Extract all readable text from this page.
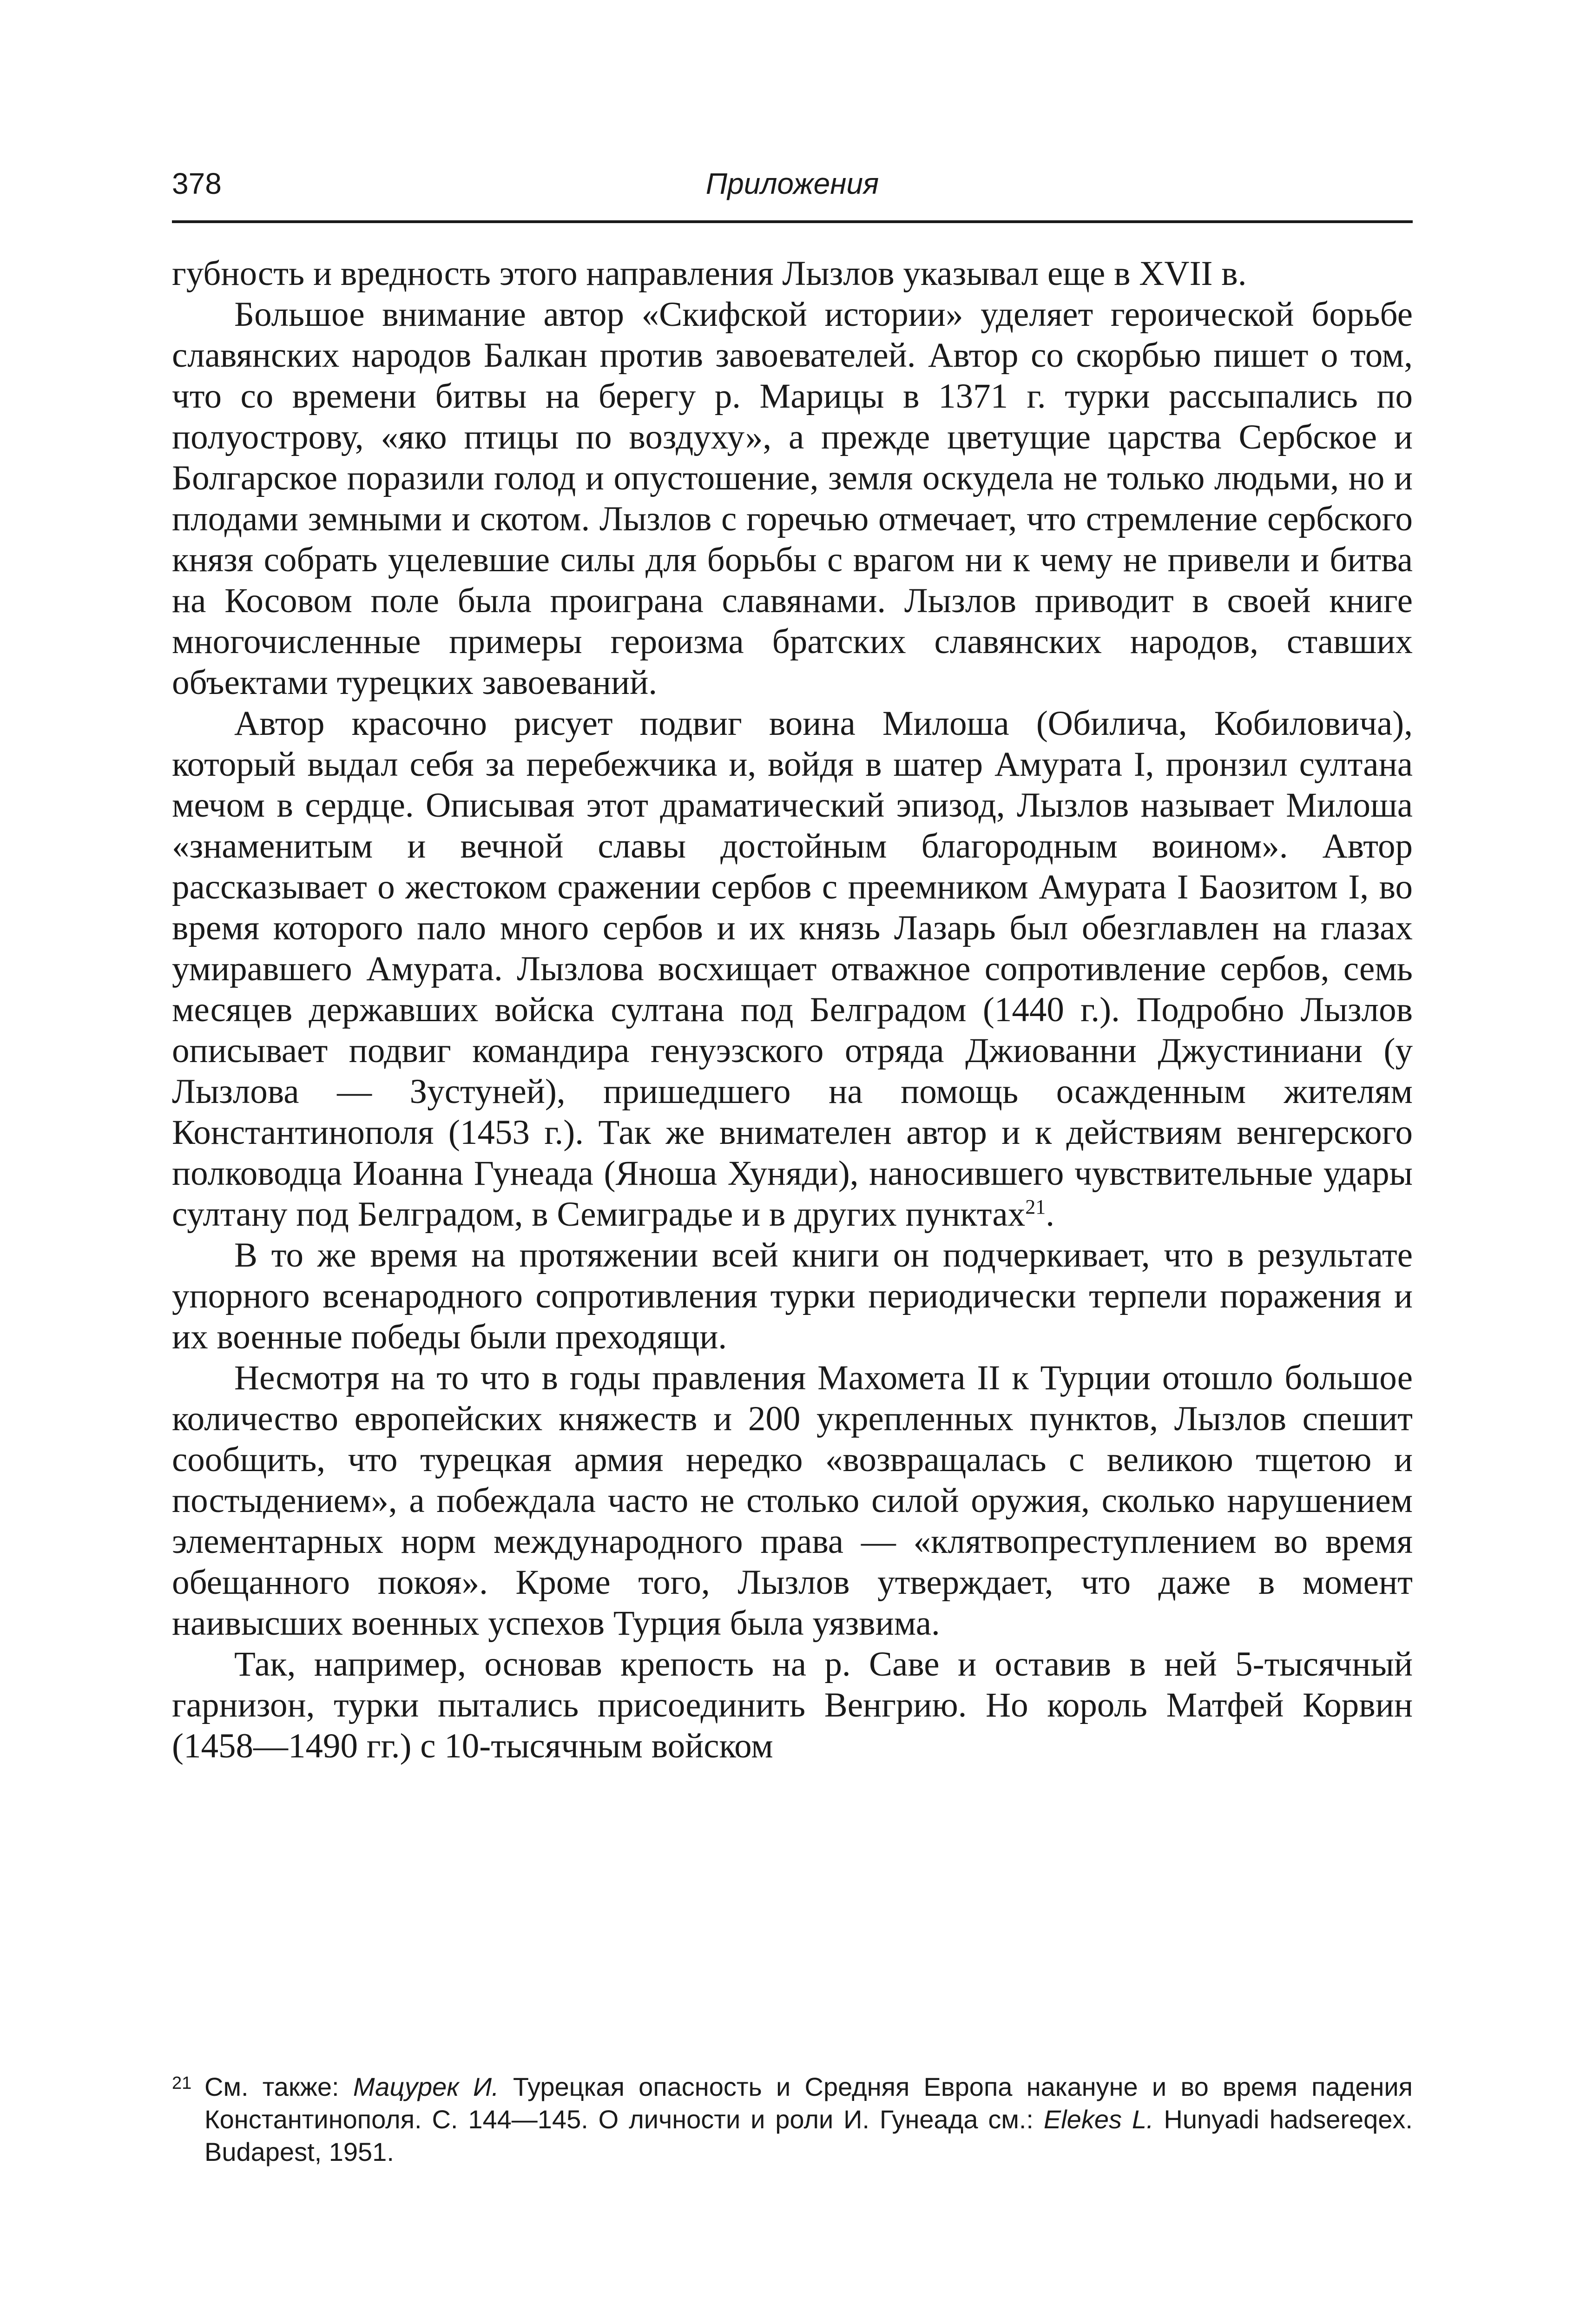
378	Приложения

губность и вредность этого направления Лызлов указывал еще в XVII в.

Большое внимание автор «Скифской истории» уделяет героической борьбе славянских народов Балкан против завоевателей. Автор со скорбью пишет о том, что со времени битвы на берегу р. Марицы в 1371 г. турки рассыпались по полуострову, «яко птицы по воздуху», а прежде цветущие царства Сербское и Болгарское поразили голод и опустошение, земля оскудела не только людьми, но и плодами земными и скотом. Лызлов с горечью отмечает, что стремление сербского князя собрать уцелевшие силы для борьбы с врагом ни к чему не привели и битва на Косовом поле была проиграна славянами. Лызлов приводит в своей книге многочисленные примеры героизма братских славянских народов, ставших объектами турецких завоеваний.

Автор красочно рисует подвиг воина Милоша (Обилича, Кобиловича), который выдал себя за перебежчика и, войдя в шатер Амурата I, пронзил султана мечом в сердце. Описывая этот драматический эпизод, Лызлов называет Милоша «знаменитым и вечной славы достойным благородным воином». Автор рассказывает о жестоком сражении сербов с преемником Амурата I Баозитом I, во время которого пало много сербов и их князь Лазарь был обезглавлен на глазах умиравшего Амурата. Лызлова восхищает отважное сопротивление сербов, семь месяцев державших войска султана под Белградом (1440 г.). Подробно Лызлов описывает подвиг командира генуэзского отряда Джиованни Джустиниани (у Лызлова — Зустуней), пришедшего на помощь осажденным жителям Константинополя (1453 г.). Так же внимателен автор и к действиям венгерского полководца Иоанна Гунеада (Яноша Хуняди), наносившего чувствительные удары султану под Белградом, в Семиградье и в других пунктах$^{21}$.

В то же время на протяжении всей книги он подчеркивает, что в результате упорного всенародного сопротивления турки периодически терпели поражения и их военные победы были преходящи.

Несмотря на то что в годы правления Махомета II к Турции отошло большое количество европейских княжеств и 200 укрепленных пунктов, Лызлов спешит сообщить, что турецкая армия нередко «возвращалась с великою тщетою и постыдением», а побеждала часто не столько силой оружия, сколько нарушением элементарных норм международного права — «клятвопреступлением во время обещанного покоя». Кроме того, Лызлов утверждает, что даже в момент наивысших военных успехов Турция была уязвима.

Так, например, основав крепость на р. Саве и оставив в ней 5-тысячный гарнизон, турки пытались присоединить Венгрию. Но король Матфей Корвин (1458—1490 гг.) с 10-тысячным войском

21 См. также: Мацурек И. Турецкая опасность и Средняя Европа накануне и во время падения Константинополя. С. 144—145. О личности и роли И. Гунеада см.: Elekes L. Hunyadi hadsereqex. Budapest, 1951.
